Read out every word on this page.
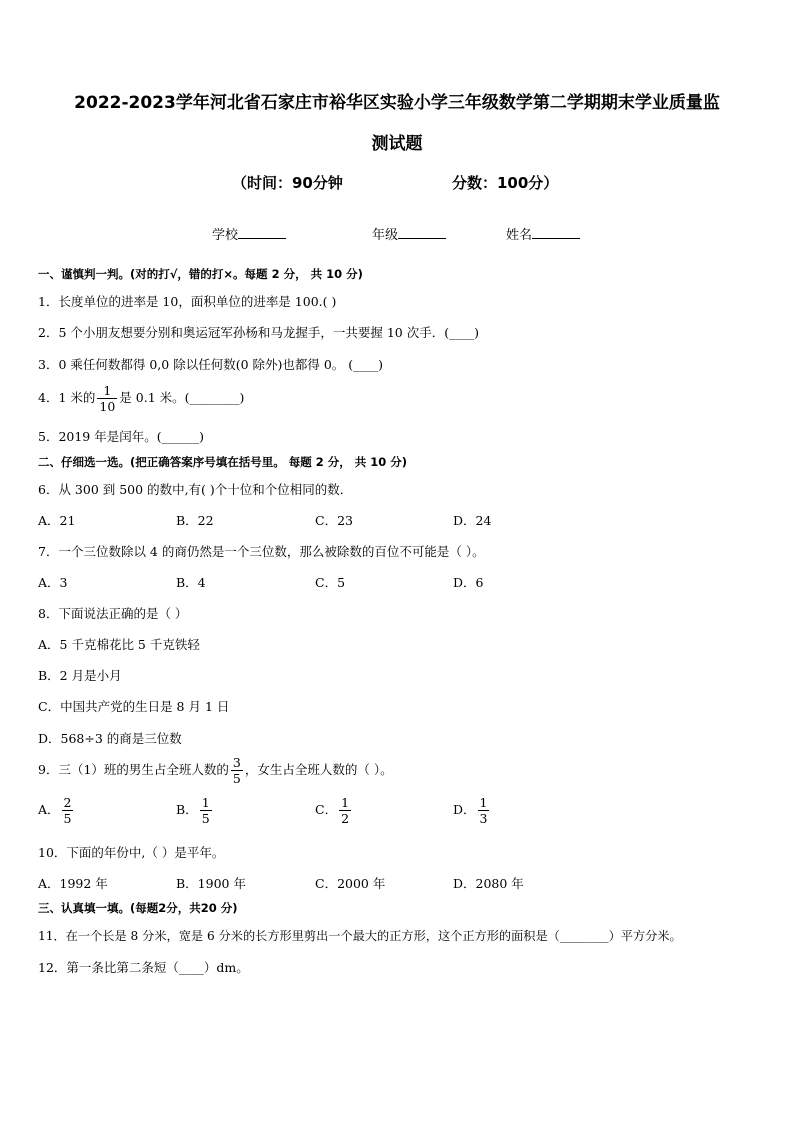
2022-2023学年河北省石家庄市裕华区实验小学三年级数学第二学期期末学业质量监
测试题
（时间：90分钟	分数：100分）
学校	年级	姓名
一、谨慎判一判。(对的打√，错的打×。每题 2 分， 共 10 分)
1．长度单位的进率是 10，面积单位的进率是 100.( )
2．5 个小朋友想要分别和奥运冠军孙杨和马龙握手，一共要握 10 次手．(____)
3．0 乘任何数都得 0,0 除以任何数(0 除外)也都得 0。 (____)
4．1 米的 $\frac{1}{10}$ 是 0.1 米。(________)
5．2019 年是闰年。(______)
二、仔细选一选。(把正确答案序号填在括号里。 每题 2 分， 共 10 分)
6．从 300 到 500 的数中,有( )个十位和个位相同的数．
A．21	B．22	C．23	D．24
7．一个三位数除以 4 的商仍然是一个三位数，那么被除数的百位不可能是（ ）。
A．3	B．4	C．5	D．6
8．下面说法正确的是（ ）
A．5 千克棉花比 5 千克铁轻
B．2 月是小月
C．中国共产党的生日是 8 月 1 日
D．568÷3 的商是三位数
9．三（1）班的男生占全班人数的 $\frac{3}{5}$ ，女生占全班人数的（ ）。
A． $\frac{2}{5}$	B． $\frac{1}{5}$	C． $\frac{1}{2}$	D． $\frac{1}{3}$
10．下面的年份中,（ ）是平年。
A．1992 年	B．1900 年	C．2000 年	D．2080 年
三、认真填一填。(每题2分，共20 分)
11．在一个长是 8 分米，宽是 6 分米的长方形里剪出一个最大的正方形，这个正方形的面积是（________）平方分米。
12．第一条比第二条短（____）dm。
